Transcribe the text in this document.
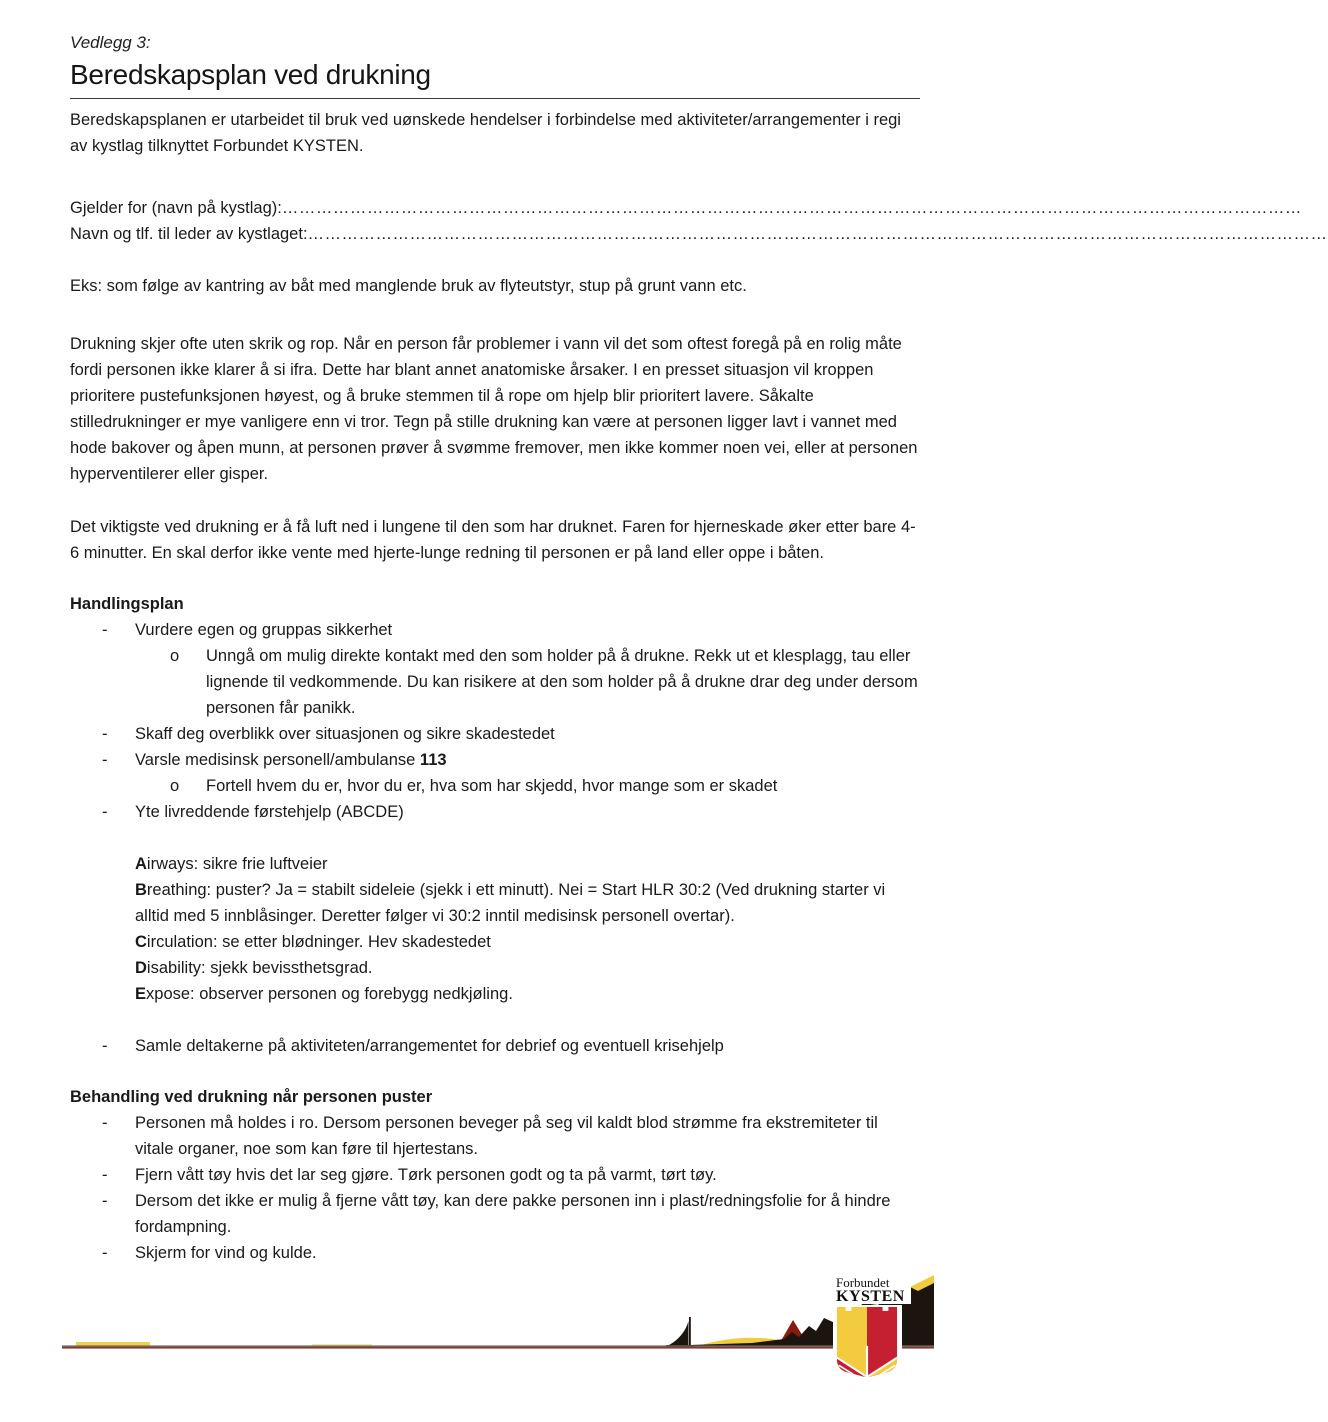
Vedlegg 3:
Beredskapsplan ved drukning

Beredskapsplanen er utarbeidet til bruk ved uønskede hendelser i forbindelse med aktiviteter/arrangementer i regi av kystlag tilknyttet Forbundet KYSTEN.

Gjelder for (navn på kystlag): ………………………………………………………………………………………………………………………………………………………………
Navn og tlf. til leder av kystlaget: ………………………………………………………………………………………………………………………………………………………………

Eks: som følge av kantring av båt med manglende bruk av flyteutstyr, stup på grunt vann etc.

Drukning skjer ofte uten skrik og rop. Når en person får problemer i vann vil det som oftest foregå på en rolig måte fordi personen ikke klarer å si ifra. Dette har blant annet anatomiske årsaker. I en presset situasjon vil kroppen prioritere pustefunksjonen høyest, og å bruke stemmen til å rope om hjelp blir prioritert lavere. Såkalte stilledrukninger er mye vanligere enn vi tror. Tegn på stille drukning kan være at personen ligger lavt i vannet med hode bakover og åpen munn, at personen prøver å svømme fremover, men ikke kommer noen vei, eller at personen hyperventilerer eller gisper.

Det viktigste ved drukning er å få luft ned i lungene til den som har druknet. Faren for hjerneskade øker etter bare 4-6 minutter. En skal derfor ikke vente med hjerte-lunge redning til personen er på land eller oppe i båten.

Handlingsplan
-	Vurdere egen og gruppas sikkerhet
o	Unngå om mulig direkte kontakt med den som holder på å drukne. Rekk ut et klesplagg, tau eller lignende til vedkommende. Du kan risikere at den som holder på å drukne drar deg under dersom personen får panikk.
-	Skaff deg overblikk over situasjonen og sikre skadestedet
-	Varsle medisinsk personell/ambulanse 113
o	Fortell hvem du er, hvor du er, hva som har skjedd, hvor mange som er skadet
-	Yte livreddende førstehjelp (ABCDE)
Airways: sikre frie luftveier
Breathing: puster? Ja = stabilt sideleie (sjekk i ett minutt). Nei = Start HLR 30:2 (Ved drukning starter vi alltid med 5 innblåsinger. Deretter følger vi 30:2 inntil medisinsk personell overtar).
Circulation: se etter blødninger. Hev skadestedet
Disability: sjekk bevissthetsgrad.
Expose: observer personen og forebygg nedkjøling.
-	Samle deltakerne på aktiviteten/arrangementet for debrief og eventuell krisehjelp
Behandling ved drukning når personen puster
-	Personen må holdes i ro. Dersom personen beveger på seg vil kaldt blod strømme fra ekstremiteter til vitale organer, noe som kan føre til hjertestans.
-	Fjern vått tøy hvis det lar seg gjøre. Tørk personen godt og ta på varmt, tørt tøy.
-	Dersom det ikke er mulig å fjerne vått tøy, kan dere pakke personen inn i plast/redningsfolie for å hindre fordampning.
-	Skjerm for vind og kulde.
Forbundet
KYSTEN
